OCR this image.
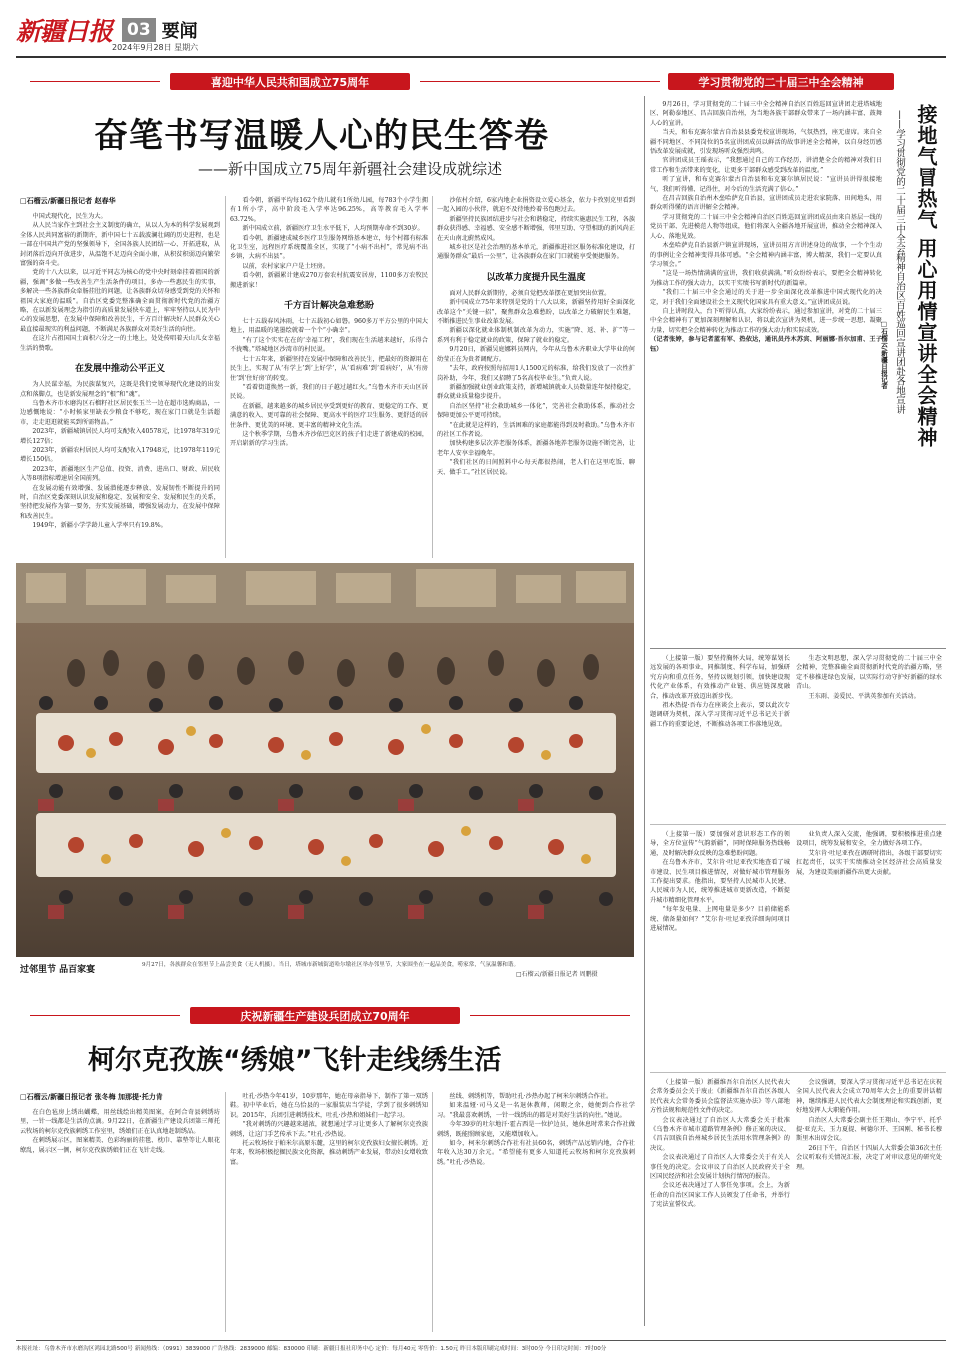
新疆日报 03 要闻
2024年9月28日 星期六
喜迎中华人民共和国成立75周年	学习贯彻党的二十届三中全会精神
奋笔书写温暖人心的民生答卷
——新中国成立75周年新疆社会建设成就综述
□石榴云/新疆日报记者 赵春华

中国式现代化，民生为大。

从人民当家作主到社会主义制度的确立，从以人为本的科学发展观到全体人民共同富裕的新期许，新中国七十五载波澜壮阔的历史进程，也是一部在中国共产党的坚强领导下，全国各族人民团结一心、开拓进取，从封闭落后迈向开放进步，从温饱不足迈向全面小康，从积贫积弱迈向繁荣富强的奋斗史。

党的十八大以来，以习近平同志为核心的党中央时刻牵挂着祖国的新疆，强调“多做一些改善生产生活条件的项目，多办一些惠民生的实事，多解决一些各族群众牵肠挂肚的问题，让各族群众切身感受到党的关怀和祖国大家庭的温暖”。自治区党委完整准确全面贯彻新时代党的治疆方略，在以新发展理念为指引的高质量发展快车道上，牢牢坚持以人民为中心的发展思想，在发展中保障和改善民生，千方百计解决好人民群众关心最直接最现实的利益问题，不断满足各族群众对美好生活的向往。

在这片占祖国国土面积六分之一的土地上，处处传唱着天山儿女幸福生活的赞歌。

在发展中推动公平正义

为人民谋幸福，为民族谋复兴，这既是我们党领导现代化建设的出发点和落脚点，也是新发展理念的“根”和“魂”。

乌鲁木齐市水磨沟区石榴籽社区居民张玉兰一边在超市选购商品，一边感慨地说：“小时候家里缺衣少粮食不够吃，现在家门口就是生活超市，走走逛逛就能买到所需物品。”

2023年，新疆城镇居民人均可支配收入40578元，比1978年319元增长127倍；

2023年，新疆农村居民人均可支配收入17948元，比1978年119元增长150倍。

2023年，新疆地区生产总值、投资、消费、进出口、财政、居民收入等8项指标增速居全国前列。

在发展动能有效增强、发展潜能逐步释放、发展韧性不断提升的同时，自治区党委深刻认识发展和稳定、发展和安全、发展和民生的关系，坚持把发展作为第一要务，夯实发展基础，增强发展动力，在发展中保障和改善民生。

1949年，新疆小学学龄儿童入学率只有19.8%。

看今朝，新疆平均每162个幼儿就有1所幼儿园，每783个小学生拥有1所小学，高中阶段毛入学率达96.25%，高等教育毛入学率63.72%。

新中国成立前，新疆医疗卫生水平低下，人均预期寿命不到30岁。

看今朝，新疆建成城乡医疗卫生服务网络基本建立，每个村都有标准化卫生室，远程医疗系统覆盖全区，实现了“小病不出村”，常见病不出乡镇，大病不出县”。

以前，农村家家户户是土坯房。

看今朝，新疆累计建成270万套农村抗震安居房，1100多万农牧民搬进新家！

千方百计解决急难愁盼

七十五载春风沐雨，七十五载初心如磐。960多万平方公里的中国大地上，用温暖的笔墨绘就着一个个“小确幸”。

“有了这个实实在在的‘幸福工程’，我们现在生活越来越好，乐得合不拢嘴。”塔城地区沙湾市的村民说。

七十五年来，新疆坚持在发展中保障和改善民生，把最好的资源用在民生上，实现了从‘有学上’到‘上好学’，从‘看病难’到‘看病好’，从‘有房住’到‘住好房’的转变。

“看着街道焕然一新，我们的日子越过越红火。”乌鲁木齐市天山区居民说。

在新疆，越来越多的城乡居民享受到更好的教育、更稳定的工作、更满意的收入、更可靠的社会保障、更高水平的医疗卫生服务、更舒适的居住条件、更优美的环境、更丰富的精神文化生活。

这个秋季学期，乌鲁木齐沙依巴克区的孩子们走进了新建成的校园，开启崭新的学习生活。

沙依村介绍，6家内地企业捐资设立爱心基金，依力卡孜别克里看到一起入园的小伙伴，就迫不及待地拎着书包跑过去。

新疆坚持民族团结进步与社会和谐稳定，持续实施惠民生工程，各族群众获得感、幸福感、安全感不断增强，邻里互助、守望相助的新风尚正在天山南北蔚然成风。

城乡社区是社会治理的基本单元，新疆推进社区服务标准化建设，打通服务群众“最后一公里”，让各族群众在家门口就能享受便捷服务。

以改革力度提升民生温度

面对人民群众新期待，必须自觉把改革摆在更加突出位置。

新中国成立75年来特别是党的十八大以来，新疆坚持用好全面深化改革这个“关键一招”，聚焦群众急难愁盼，以改革之力破解民生难题，不断推进民生事业改革发展。

新疆以深化就业体制机制改革为动力，实施“降、返、补、扩”等一系列有利于稳定就业的政策，保障了就业的稳定。

9月20日，新疆吴庭娜料员网内，今年从乌鲁木齐职业大学毕业的何幼莹正在为贵者调配方。

“去年，政府按照每招用1人1500元的标准，给我们发放了一次性扩岗补助，今年，我们又招聘了5名高校毕业生。”负责人说。

新疆加强就业创业政策支持，新增城镇就业人员数量连年保持稳定，群众就业质量稳步提升。

自治区坚持“社会救助城乡一体化”，完善社会救助体系，推动社会保障更加公平更可持续。

“在此就是这样的，生活困难的家庭都能得到及时救助。”乌鲁木齐市的社区工作者说。

加快构建多层次养老服务体系，新疆各地养老服务设施不断完善，让老年人安享幸福晚年。

“我们社区的日间照料中心每天都很热闹，老人们在这里吃饭、聊天、做手工。”社区居民说。

9月26日，学习贯彻党的二十届三中全会精神自治区百姓巡回宣讲团走进塔城地区、阿勒泰地区、昌吉回族自治州，为当地各族干部群众带来了一场内涵丰富、鼓舞人心的宣讲。

当天，和布克赛尔蒙古自治县县委党校宣讲现场，气氛热烈，座无虚席。来自全疆不同地区、不同岗位的5名宣讲团成员以鲜活的故事讲述全会精神，以自身经历感悟改革发展成就，引发现场听众强烈共鸣。

官讲团成员王瑶表示，“我想通过自己的工作经历，讲清楚全会的精神对我们日常工作和生活带来的变化，让更多干部群众感受到改革的温度。”

听了宣讲，和布克赛尔蒙古自治县和布克赛尔镇居民说：“宣讲员讲得很接地气，我们听得懂、记得住，对今后的生活充满了信心。”

在昌吉回族自治州木垒哈萨克自治县，宣讲团成员走进农家院落、田间地头，用群众听得懂的语言讲解全会精神。

学习贯彻党的二十届三中全会精神自治区百姓巡回宣讲团成员由来自基层一线的党员干部、先进模范人物等组成，他们将深入全疆各地开展宣讲，推动全会精神深入人心、落地见效。

木垒哈萨克自治县新户镇宣讲现场，宣讲员用方言讲述身边的故事，一个个生动的事例让全会精神变得具体可感。“全会精神内涵丰富，博大精深，我们一定要认真学习领会。”

“这是一场热情满满的宣讲，我们收获满满。”听众纷纷表示，要把全会精神转化为推动工作的强大动力，以实干实绩书写新时代的新篇章。

“我们二十届三中全会通过的关于进一步全面深化改革推进中国式现代化的决定，对于我们全面建设社会主义现代化国家具有重大意义。”宣讲团成员说。

自上讲时段入，台下听得认真，大家纷纷表示，通过参加宣讲，对党的二十届三中全会精神有了更加深刻理解和认识，将以此次宣讲为契机，进一步统一思想、凝聚力量，切实把全会精神转化为推动工作的强大动力和实际成效。

（记者张婷，参与记者蓝有军、热依达，通讯员丹木苏宾、阿丽娜·吾尔加甫、王子钰）	接地气冒热气 用心用情宣讲全会精神
——学习贯彻党的二十届三中全会精神自治区百姓巡回宣讲团赴各地宣讲
□石榴云/新疆日报记者

（上接第一版）要坚持胸怀大局，统筹谋划长远发展的各项事业，同推制度、科学布局，加强研究方向和重点任务，坚持以规划引领，加快建设现代化产业体系，有效推动产业链、供应链深度融合，推动改革开放迈出新步伐。

祖木热提·吾布力在座谈会上表示，要以此次专题调研为契机，深入学习贯彻习近平总书记关于新疆工作的重要论述，不断推动各项工作落地见效。

生态文明思想，深入学习贯彻党的二十届三中全会精神，完整准确全面贯彻新时代党的治疆方略，坚定不移推进绿色发展，以实际行动守护好新疆的绿水青山。

王东雨、姜爱民、平洪英参加有关活动。

（上接第一版）要加强对意识形态工作的领导，全方位宣传“气韵新疆”，同时保障服务热线畅通，及时解决群众反映的急难愁盼问题。

在乌鲁木齐市，艾尔肯·吐尼亚孜实地查看了城市建设、民生项目推进情况，对做好城市管理服务工作提出要求。他指出，要坚持人民城市人民建、人民城市为人民，统筹推进城市更新改造，不断提升城市精细化管理水平。

“每年发电量、上网电量是多少？目前储能系统、储备量如何？”艾尔肯·吐尼亚孜详细询问项目进展情况。

业负责人深入交流，他强调，要积极推进重点建设项目，统筹发展和安全，全力做好各项工作。

艾尔肯·吐尼亚孜在调研时指出，各级干部要切实扛起责任，以实干实绩推动全区经济社会高质量发展，为建设美丽新疆作出更大贡献。

（上接第一版）新疆维吾尔自治区人民代表大会常务委员会关于废止《新疆维吾尔自治区各级人民代表大会常务委员会监督法实施办法》等八部地方性法规和规范性文件的决定。

会议表决通过了自治区人大常委会关于批准《乌鲁木齐市城市道路管理条例》修正案的决议、《昌吉回族自治州城乡居民生活用水管理条例》的决议。

会议表决通过了自治区人大常委会关于有关人事任免的决定。会议审议了自治区人民政府关于全区国民经济和社会发展计划执行情况的报告。

会议还表决通过了人事任免事项。会上，为新任命的自治区国家工作人员颁发了任命书，并举行了宪法宣誓仪式。

会议强调，要深入学习贯彻习近平总书记在庆祝全国人民代表大会成立70周年大会上的重要讲话精神，继续推进人民代表大会制度理论和实践创新，更好地发挥人大职能作用。

自治区人大常委会副主任王翔山、李宁平、托乎提·亚克夫、玉力夏提、柯德尔开、王国刚、秘书长穆斯里木出席会议。

26日下午，自治区十四届人大常委会第36次主任会议听取有关情况汇报，决定了对审议意见的研究处理。

过邻里节 品百家宴	9月27日，各族群众在邻里节上品尝美食（无人机摄）。当日，塔城市新城街道哈尔墩社区举办邻里节，大家围坐在一起品美食，唠家常，气氛温馨和谐。
□石榴云/新疆日报记者 周鹏摄
庆祝新疆生产建设兵团成立70周年
柯尔克孜族“绣娘”飞针走线绣生活
□石榴云/新疆日报记者 张冬梅 加那提·托力肯

在白色毡房上绣出蝴蝶，用丝线绘出精美图案，在阿合奇县刺绣坊里，一针一线都是生活的点滴。9月22日，在新疆生产建设兵团第三师托云牧场的柯尔克孜族刺绣工作室里，绣娘们正在认真地赶制绣品。

在刺绣展示区，图案精美、色彩绚丽的挂毯、枕巾、靠垫等让人眼花缭乱，展示区一侧，柯尔克孜族绣娘们正在飞针走线。

吐孔·沙热今年41岁，10岁那年，她在母亲指导下，制作了第一双绣鞋。初中毕业后，她在乌恰县的一家服装店当学徒，学到了很多刺绣知识。2015年，兵团引进刺绣技术，吐孔·沙热和姐妹们一起学习。

“我对刺绣的兴趣越来越浓，就想通过学习让更多人了解柯尔克孜族刺绣，让这门手艺传承下去。”吐孔·沙热说。

托云牧场位于帕米尔高原东麓，这里的柯尔克孜族妇女擅长刺绣。近年来，牧场积极挖掘民族文化资源，推动刺绣产业发展，带动妇女增收致富。

丝线、刺绣机等，帮助吐孔·沙热办起了柯米尔刺绣合作社。

如来温娅·司马义是一名退休教师，闲暇之余，她便到合作社学习。“我最喜欢刺绣，一针一线绣出的都是对美好生活的向往。”她说。

今年39岁的吐尔地汗·霍占西是一位护边员，她休息时常来合作社做刺绣，既能照顾家庭，又能增加收入。

如今，柯米尔刺绣合作社有社员60名，刺绣产品远销内地，合作社年收入达30万余元。“希望能有更多人知道托云牧场和柯尔克孜族刺绣。”吐孔·沙热说。

本报社址：乌鲁木齐市水磨沟区鸿园北路500号 新闻热线：（0991）3839000 广告热线：2839000 邮编：830000 印刷：新疆日报社印务中心 定价：每月40元 零售价：1.50元 昨日本版印刷完成时间：3时00分 今日印完时间：7时00分
